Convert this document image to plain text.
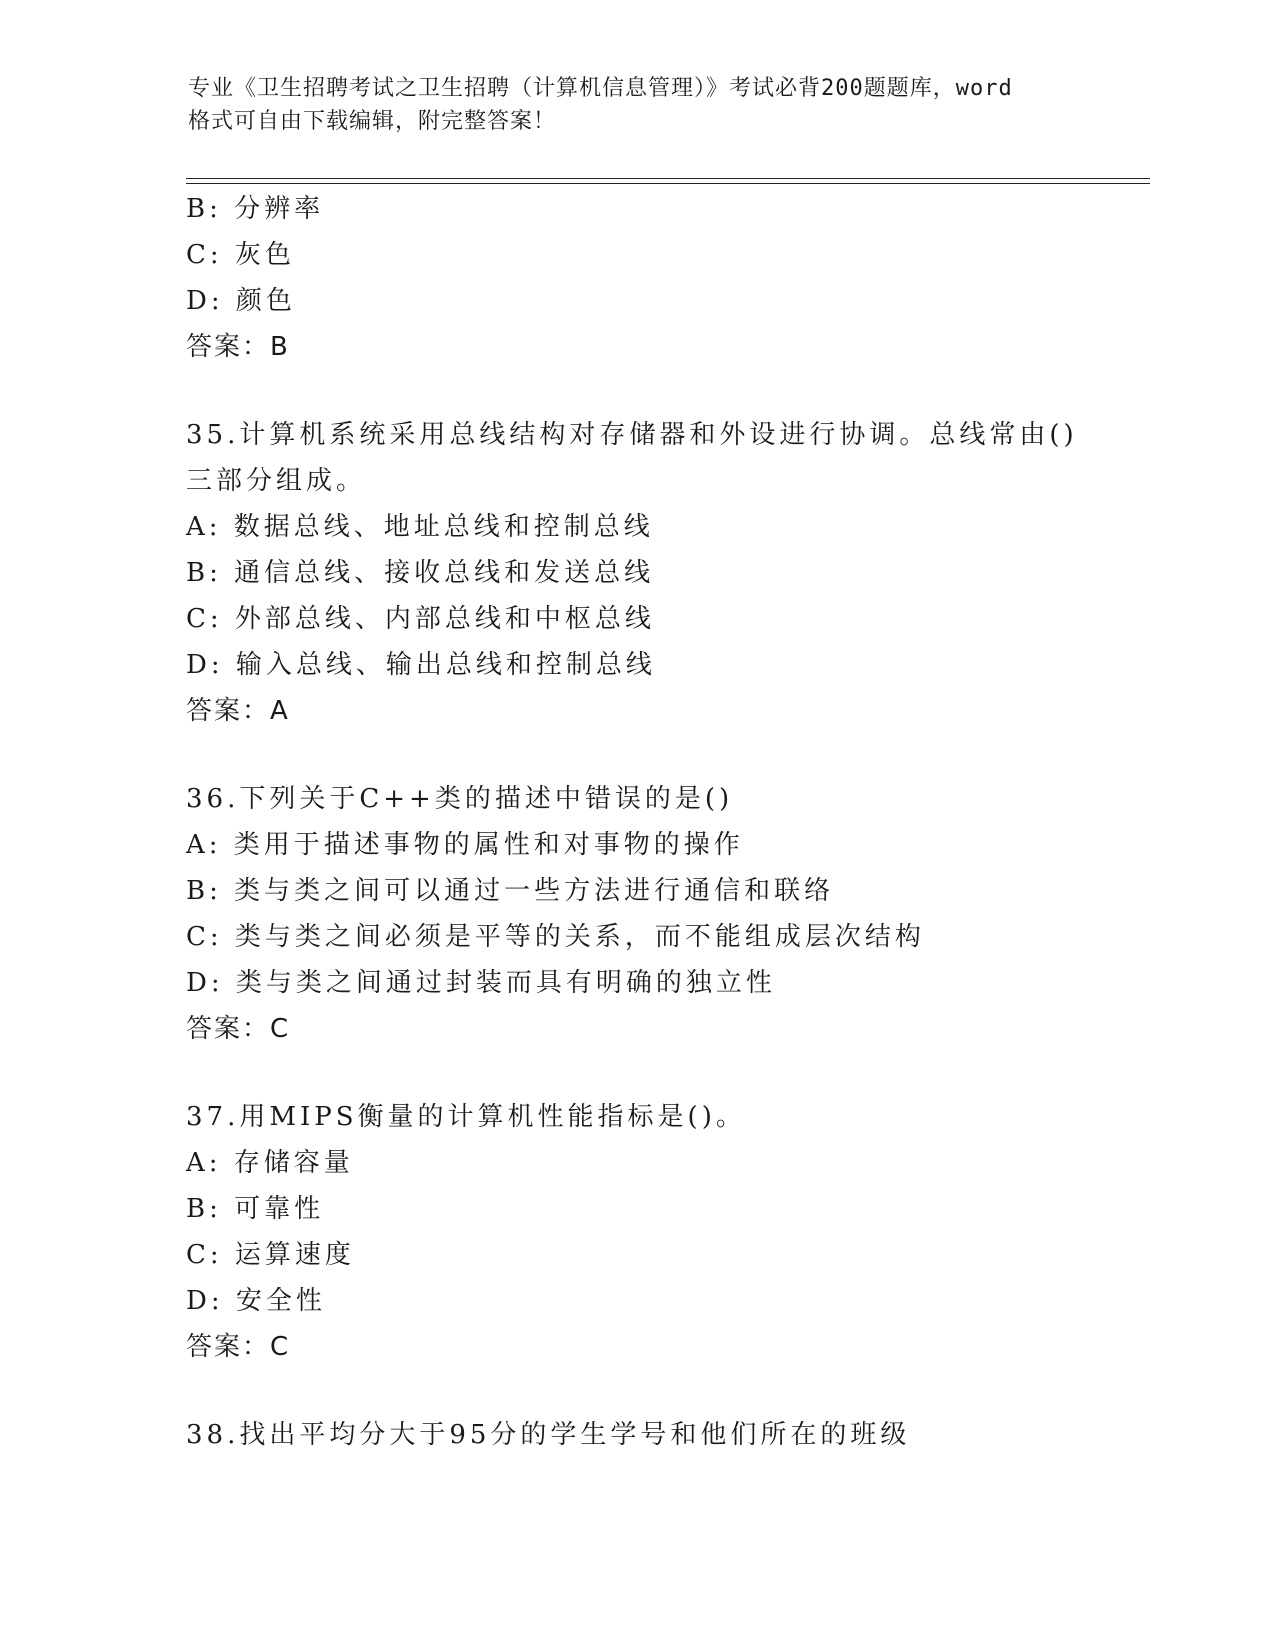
专业《卫生招聘考试之卫生招聘（计算机信息管理）》考试必背200题题库，word
格式可自由下载编辑，附完整答案！
B: 分辨率
C: 灰色
D: 颜色
答案：B
35.计算机系统采用总线结构对存储器和外设进行协调。总线常由()三部分组成。
A: 数据总线、地址总线和控制总线
B: 通信总线、接收总线和发送总线
C: 外部总线、内部总线和中枢总线
D: 输入总线、输出总线和控制总线
答案：A
36.下列关于C++类的描述中错误的是()
A: 类用于描述事物的属性和对事物的操作
B: 类与类之间可以通过一些方法进行通信和联络
C: 类与类之间必须是平等的关系，而不能组成层次结构
D: 类与类之间通过封装而具有明确的独立性
答案：C
37.用MIPS衡量的计算机性能指标是()。
A: 存储容量
B: 可靠性
C: 运算速度
D: 安全性
答案：C
38.找出平均分大于95分的学生学号和他们所在的班级
